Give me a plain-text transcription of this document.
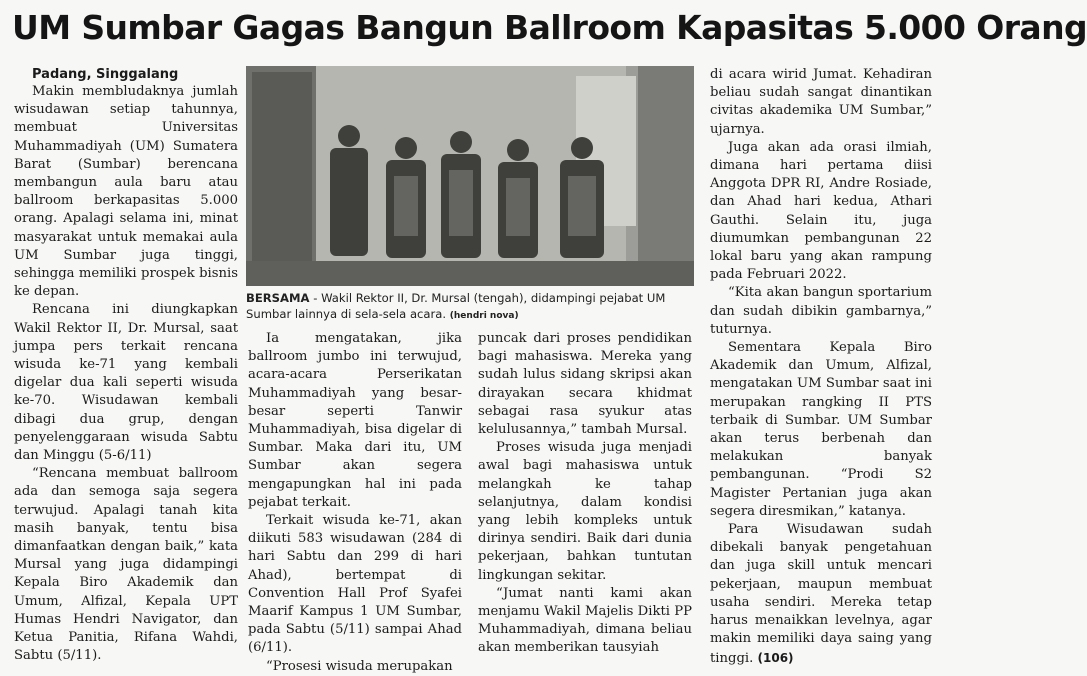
UM Sumbar Gagas Bangun Ballroom Kapasitas 5.000 Orang

Padang, Singgalang

Makin membludaknya jumlah wisudawan setiap tahunnya, membuat Universitas Muhammadiyah (UM) Sumatera Barat (Sumbar) berencana membangun aula baru atau ballroom berkapasitas 5.000 orang. Apalagi selama ini, minat masyarakat untuk memakai aula UM Sumbar juga tinggi, sehingga memiliki prospek bisnis ke depan.

Rencana ini diungkapkan Wakil Rektor II, Dr. Mursal, saat jumpa pers terkait rencana wisuda ke-71 yang kembali digelar dua kali seperti wisuda ke-70. Wisudawan kembali dibagi dua grup, dengan penyelenggaraan wisuda Sabtu dan Minggu (5-6/11)

“Rencana membuat ballroom ada dan semoga saja segera terwujud. Apalagi tanah kita masih banyak, tentu bisa dimanfaatkan dengan baik,” kata Mursal yang juga didampingi Kepala Biro Akademik dan Umum, Alfizal, Kepala UPT Humas Hendri Navigator, dan Ketua Panitia, Rifana Wahdi, Sabtu (5/11).

BERSAMA - Wakil Rektor II, Dr. Mursal (tengah), didampingi pejabat UM Sumbar lainnya di sela-sela acara. (hendri nova)

Ia mengatakan, jika ballroom jumbo ini terwujud, acara-acara Perserikatan Muhammadiyah yang besar-besar seperti Tanwir Muhammadiyah, bisa digelar di Sumbar. Maka dari itu, UM Sumbar akan segera mengapungkan hal ini pada pejabat terkait.

Terkait wisuda ke-71, akan diikuti 583 wisudawan (284 di hari Sabtu dan 299 di hari Ahad), bertempat di Convention Hall Prof Syafei Maarif Kampus 1 UM Sumbar, pada Sabtu (5/11) sampai Ahad (6/11).

“Prosesi wisuda merupakan

puncak dari proses pendidikan bagi mahasiswa. Mereka yang sudah lulus sidang skripsi akan dirayakan secara khidmat sebagai rasa syukur atas kelulusannya,” tambah Mursal.

Proses wisuda juga menjadi awal bagi mahasiswa untuk melangkah ke tahap selanjutnya, dalam kondisi yang lebih kompleks untuk dirinya sendiri. Baik dari dunia pekerjaan, bahkan tuntutan lingkungan sekitar.

“Jumat nanti kami akan menjamu Wakil Majelis Dikti PP Muhammadiyah, dimana beliau akan memberikan tausyiah

di acara wirid Jumat. Kehadiran beliau sudah sangat dinantikan civitas akademika UM Sumbar,” ujarnya.

Juga akan ada orasi ilmiah, dimana hari pertama diisi Anggota DPR RI, Andre Rosiade, dan Ahad hari kedua, Athari Gauthi. Selain itu, juga diumumkan pembangunan 22 lokal baru yang akan rampung pada Februari 2022.

“Kita akan bangun sportarium dan sudah dibikin gambarnya,” tuturnya.

Sementara Kepala Biro Akademik dan Umum, Alfizal, mengatakan UM Sumbar saat ini merupakan rangking II PTS terbaik di Sumbar. UM Sumbar akan terus berbenah dan melakukan banyak pembangunan. “Prodi S2 Magister Pertanian juga akan segera diresmikan,” katanya.

Para Wisudawan sudah dibekali banyak pengetahuan dan juga skill untuk mencari pekerjaan, maupun membuat usaha sendiri. Mereka tetap harus menaikkan levelnya, agar makin memiliki daya saing yang tinggi. (106)
